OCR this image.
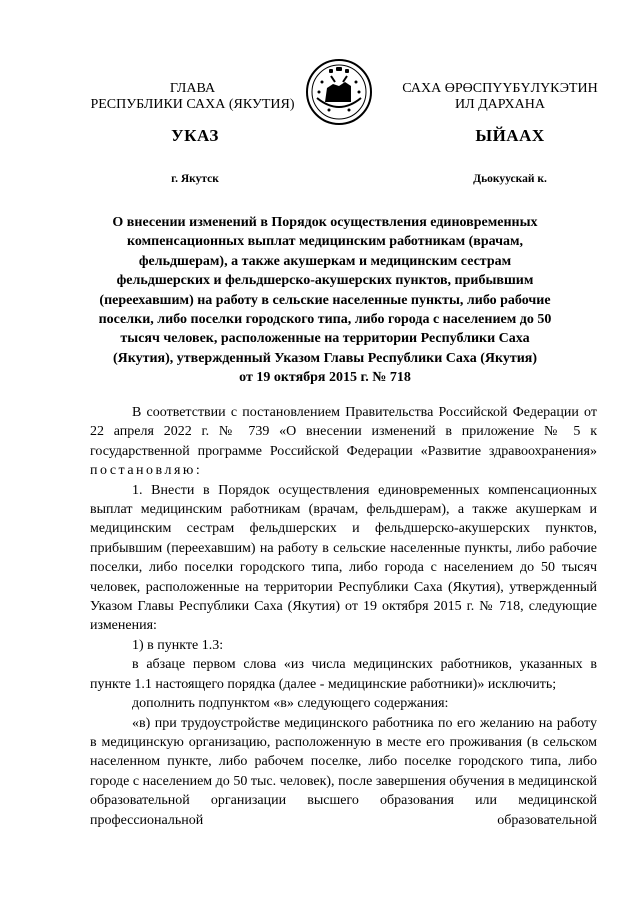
ГЛАВА
РЕСПУБЛИКИ САХА (ЯКУТИЯ)
САХА ӨРӨСПҮҮБҮЛҮКЭТИН
ИЛ ДАРХАНА
УКАЗ	ЫЙААХ
г. Якутск	Дьокуускай к.
О внесении изменений в Порядок осуществления единовременных
компенсационных выплат медицинским работникам (врачам,
фельдшерам), а также акушеркам и медицинским сестрам
фельдшерских и фельдшерско-акушерских пунктов, прибывшим
(переехавшим) на работу в сельские населенные пункты, либо рабочие
поселки, либо поселки городского типа, либо города с населением до 50
тысяч человек, расположенные на территории Республики Саха
(Якутия), утвержденный Указом Главы Республики Саха (Якутия)
от 19 октября 2015 г. № 718

В соответствии с постановлением Правительства Российской Федерации от 22 апреля 2022 г. № 739 «О внесении изменений в приложение № 5 к государственной программе Российской Федерации «Развитие здравоохранения» постановляю:

1. Внести в Порядок осуществления единовременных компенсационных выплат медицинским работникам (врачам, фельдшерам), а также акушеркам и медицинским сестрам фельдшерских и фельдшерско-акушерских пунктов, прибывшим (переехавшим) на работу в сельские населенные пункты, либо рабочие поселки, либо поселки городского типа, либо города с населением до 50 тысяч человек, расположенные на территории Республики Саха (Якутия), утвержденный Указом Главы Республики Саха (Якутия) от 19 октября 2015 г. № 718, следующие изменения:

1) в пункте 1.3:

в абзаце первом слова «из числа медицинских работников, указанных в пункте 1.1 настоящего порядка (далее - медицинские работники)» исключить;

дополнить подпунктом «в» следующего содержания:

«в) при трудоустройстве медицинского работника по его желанию на работу в медицинскую организацию, расположенную в месте его проживания (в сельском населенном пункте, либо рабочем поселке, либо поселке городского типа, либо городе с населением до 50 тыс. человек), после завершения обучения в медицинской образовательной организации высшего образования или медицинской профессиональной образовательной
